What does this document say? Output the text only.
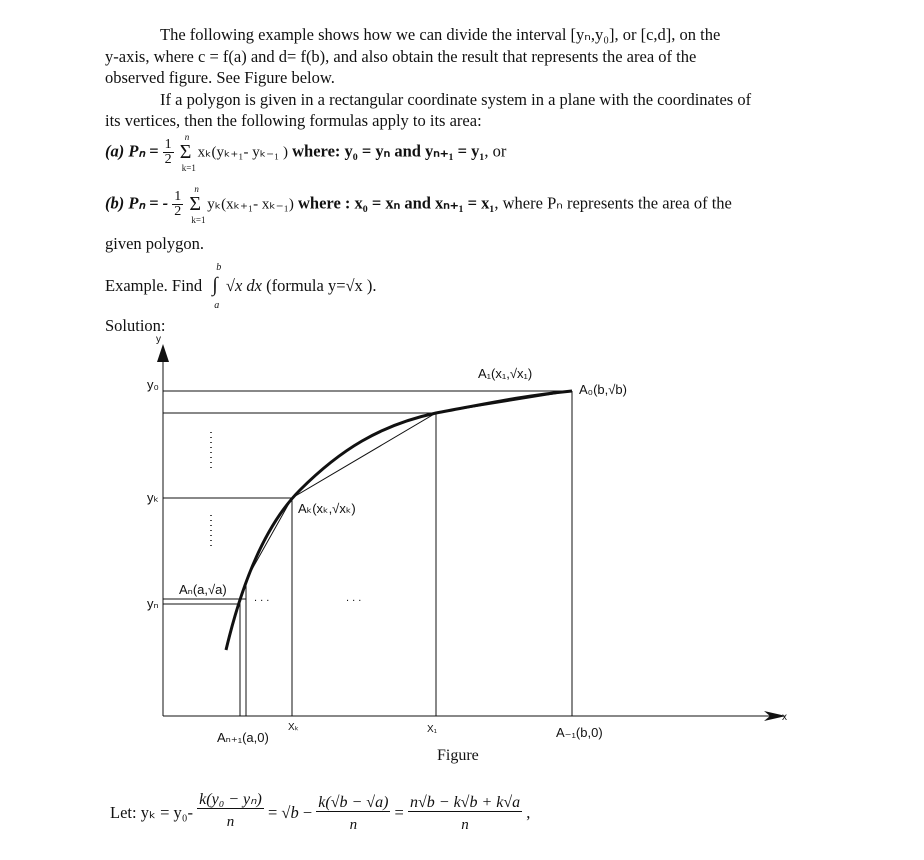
The following example shows how we can divide the interval [yₙ,y₀], or [c,d], on the
y-axis, where c = f(a) and d= f(b), and also obtain the result that represents the area of the
observed figure. See Figure below.
If a polygon is given in a rectangular coordinate system in a plane with the coordinates of
its vertices, then the following formulas apply to its area:
(a) $P_n = \frac{1}{2}$ Σ
n
k=1
xₖ(yₖ₊₁- yₖ₋₁ ) where: y₀ = yₙ and yₙ₊₁ = y₁, or
(b) Pₙ = - $\frac{1}{2}$ Σ
n
k=1
yₖ(xₖ₊₁- xₖ₋₁) where : x₀ = xₙ and xₙ₊₁ = x₁, where Pₙ represents the area of the
given polygon.
Example. Find ∫
b
a
√x dx (formula y=√x ).
Solution:
y
x
y₀
yₖ
yₙ
A₁(x₁,√x₁)
A₀(b,√b)
Aₖ(xₖ,√xₖ)
Aₙ(a,√a)
. . .	. . .
Aₙ₊₁(a,0)
Xₖ	X₁	A₋₁(b,0)
Figure
Let: $y_k = y_0- \frac{\text{k(y₀ − yₙ)}}{n} = √b - \frac{k(√b - √a)}{n} = \frac{n√b - k√b + k√a}{n}$ ,
